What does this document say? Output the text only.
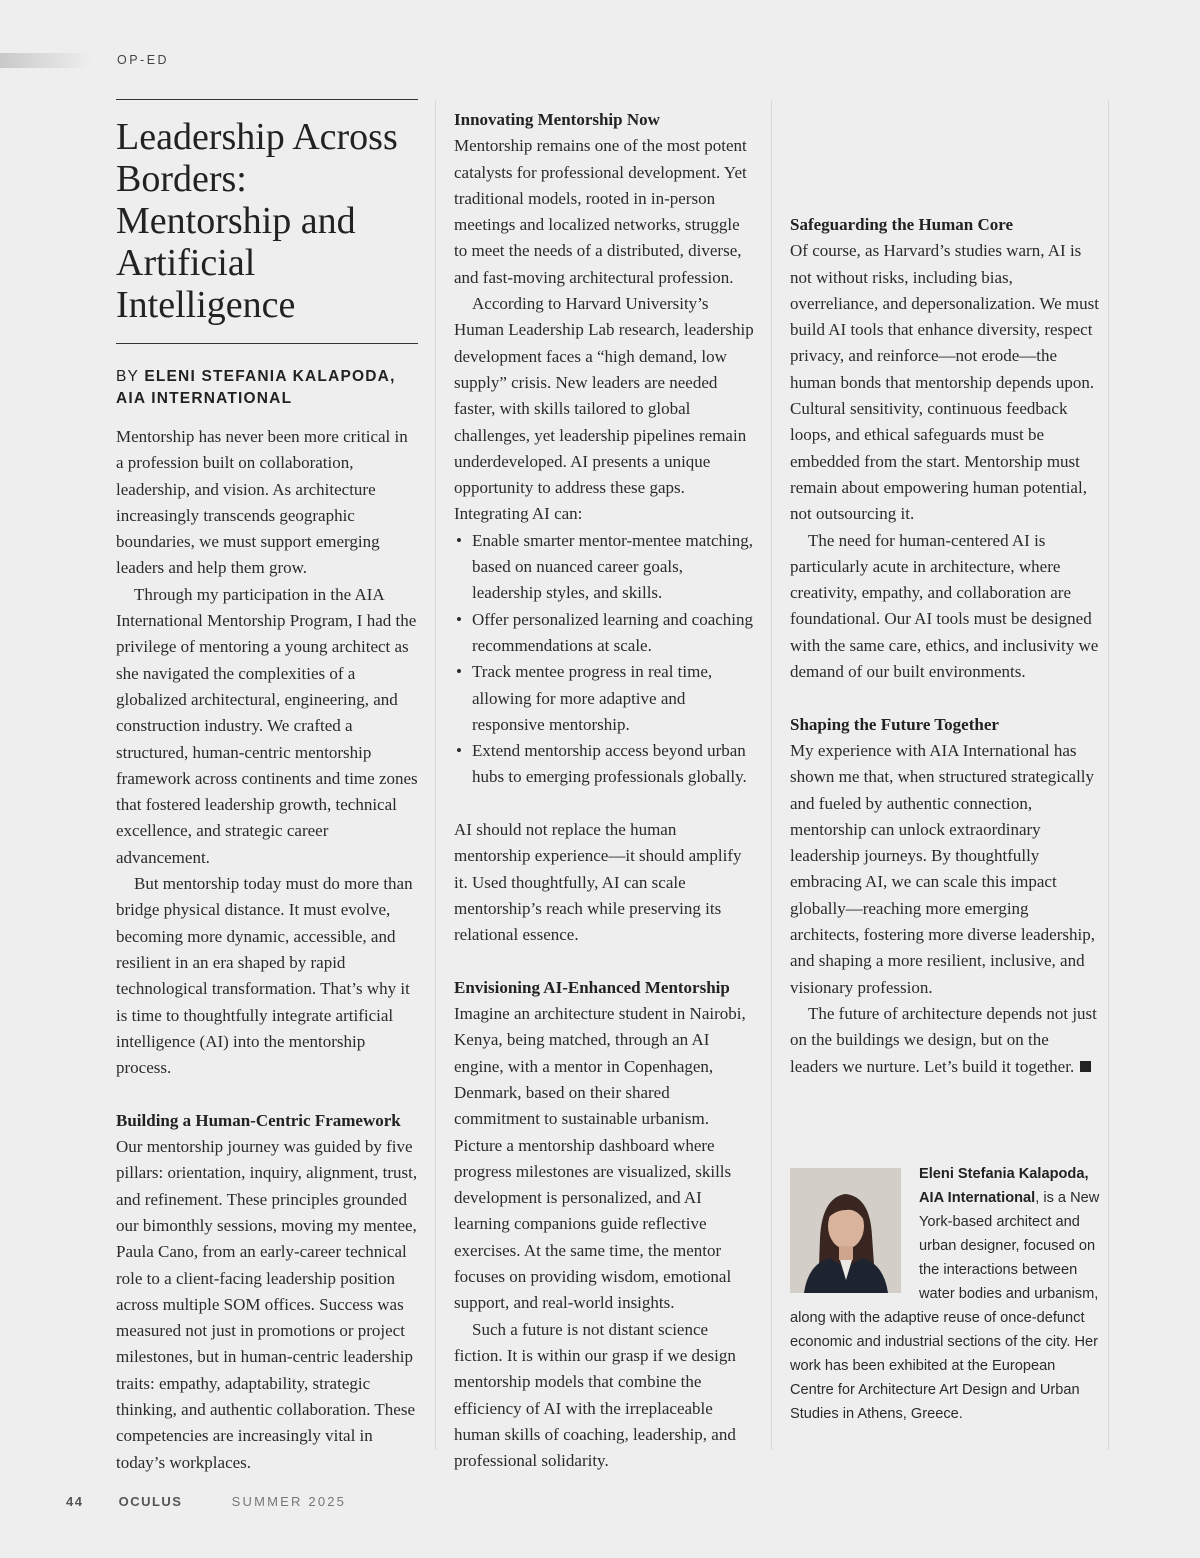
OP-ED
Leadership Across Borders: Mentorship and Artificial Intelligence
BY ELENI STEFANIA KALAPODA, AIA INTERNATIONAL

Mentorship has never been more critical in a profession built on collaboration, leadership, and vision. As architecture increasingly transcends geographic boundaries, we must support emerging leaders and help them grow.

Through my participation in the AIA International Mentorship Program, I had the privilege of mentoring a young architect as she navigated the complexities of a globalized architectural, engineering, and construction industry. We crafted a structured, human-centric mentorship framework across continents and time zones that fostered leadership growth, technical excellence, and strategic career advancement.

But mentorship today must do more than bridge physical distance. It must evolve, becoming more dynamic, accessible, and resilient in an era shaped by rapid technological transformation. That’s why it is time to thoughtfully integrate artificial intelligence (AI) into the mentorship process.

Building a Human-Centric Framework

Our mentorship journey was guided by five pillars: orientation, inquiry, alignment, trust, and refinement. These principles grounded our bimonthly sessions, moving my mentee, Paula Cano, from an early-career technical role to a client-facing leadership position across multiple SOM offices. Success was measured not just in promotions or project milestones, but in human-centric leadership traits: empathy, adaptability, strategic thinking, and authentic collaboration. These competencies are increasingly vital in today’s workplaces.

Innovating Mentorship Now

Mentorship remains one of the most potent catalysts for professional development. Yet traditional models, rooted in in-person meetings and localized networks, struggle to meet the needs of a distributed, diverse, and fast-moving architectural profession.

According to Harvard University’s Human Leadership Lab research, leadership development faces a “high demand, low supply” crisis. New leaders are needed faster, with skills tailored to global challenges, yet leadership pipelines remain underdeveloped. AI presents a unique opportunity to address these gaps. Integrating AI can:

• Enable smarter mentor-mentee matching, based on nuanced career goals, leadership styles, and skills.
• Offer personalized learning and coaching recommendations at scale.
• Track mentee progress in real time, allowing for more adaptive and responsive mentorship.
• Extend mentorship access beyond urban hubs to emerging professionals globally.

AI should not replace the human mentorship experience—it should amplify it. Used thoughtfully, AI can scale mentorship’s reach while preserving its relational essence.

Envisioning AI-Enhanced Mentorship

Imagine an architecture student in Nairobi, Kenya, being matched, through an AI engine, with a mentor in Copenhagen, Denmark, based on their shared commitment to sustainable urbanism. Picture a mentorship dashboard where progress milestones are visualized, skills development is personalized, and AI learning companions guide reflective exercises. At the same time, the mentor focuses on providing wisdom, emotional support, and real-world insights.

Such a future is not distant science fiction. It is within our grasp if we design mentorship models that combine the efficiency of AI with the irreplaceable human skills of coaching, leadership, and professional solidarity.

Safeguarding the Human Core

Of course, as Harvard’s studies warn, AI is not without risks, including bias, overreliance, and depersonalization. We must build AI tools that enhance diversity, respect privacy, and reinforce—not erode—the human bonds that mentorship depends upon. Cultural sensitivity, continuous feedback loops, and ethical safeguards must be embedded from the start. Mentorship must remain about empowering human potential, not outsourcing it.

The need for human-centered AI is particularly acute in architecture, where creativity, empathy, and collaboration are foundational. Our AI tools must be designed with the same care, ethics, and inclusivity we demand of our built environments.

Shaping the Future Together

My experience with AIA International has shown me that, when structured strategically and fueled by authentic connection, mentorship can unlock extraordinary leadership journeys. By thoughtfully embracing AI, we can scale this impact globally—reaching more emerging architects, fostering more diverse leadership, and shaping a more resilient, inclusive, and visionary profession.

The future of architecture depends not just on the buildings we design, but on the leaders we nurture. Let’s build it together.

Eleni Stefania Kalapoda, AIA International, is a New York-based architect and urban designer, focused on the interactions between water bodies and urbanism, along with the adaptive reuse of once-defunct economic and industrial sections of the city. Her work has been exhibited at the European Centre for Architecture Art Design and Urban Studies in Athens, Greece.

44	OCULUS	SUMMER 2025
